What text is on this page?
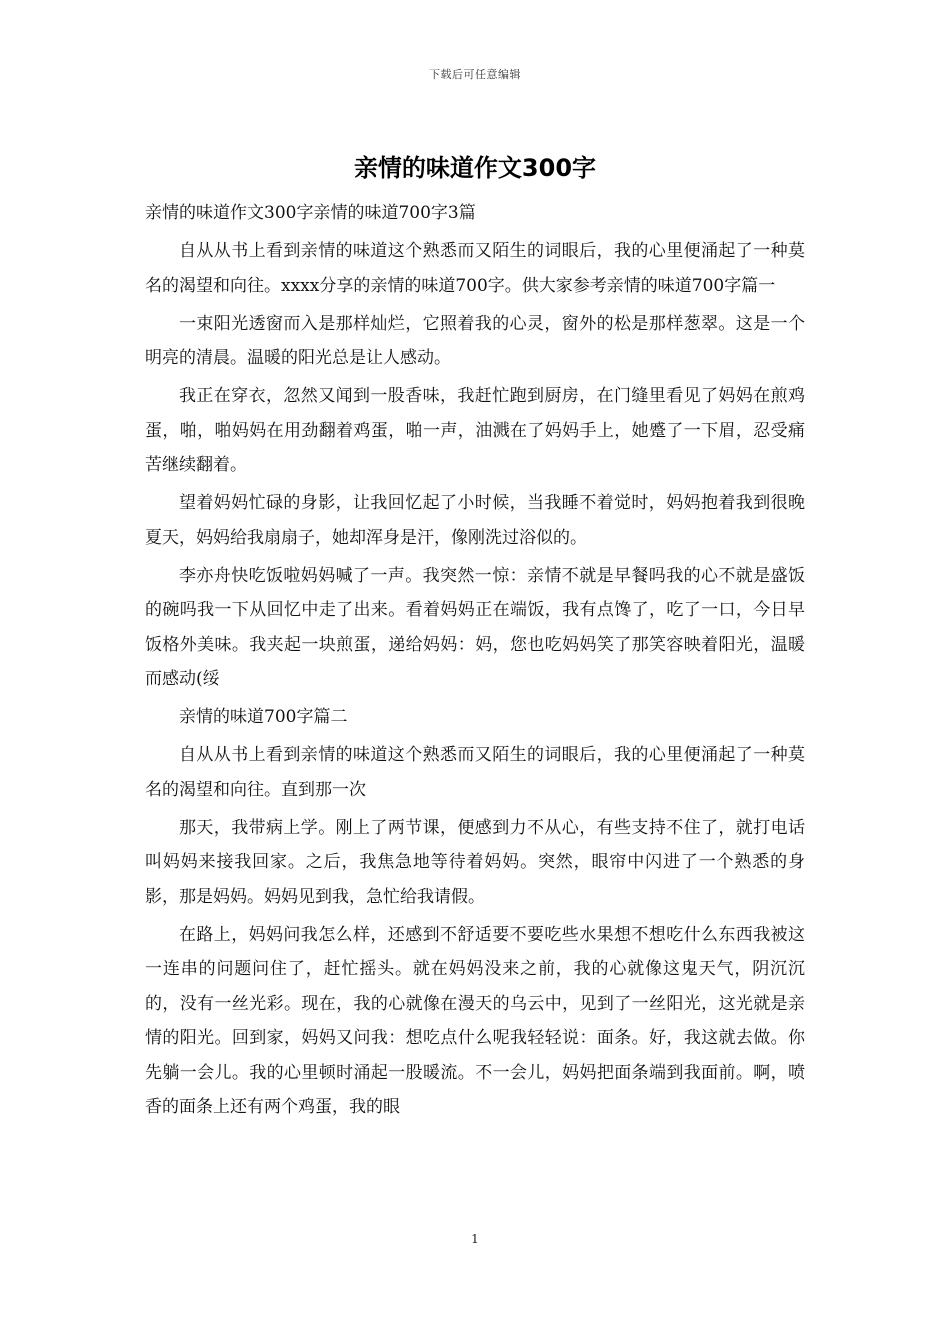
下载后可任意编辑
亲情的味道作文300字

亲情的味道作文300字亲情的味道700字3篇

自从从书上看到亲情的味道这个熟悉而又陌生的词眼后，我的心里便涌起了一种莫名的渴望和向往。xxxx分享的亲情的味道700字。供大家参考亲情的味道700字篇一

一束阳光透窗而入是那样灿烂，它照着我的心灵，窗外的松是那样葱翠。这是一个明亮的清晨。温暖的阳光总是让人感动。

我正在穿衣，忽然又闻到一股香味，我赶忙跑到厨房，在门缝里看见了妈妈在煎鸡蛋，啪，啪妈妈在用劲翻着鸡蛋，啪一声，油溅在了妈妈手上，她蹙了一下眉，忍受痛苦继续翻着。

望着妈妈忙碌的身影，让我回忆起了小时候，当我睡不着觉时，妈妈抱着我到很晚夏天，妈妈给我扇扇子，她却浑身是汗，像刚洗过浴似的。

李亦舟快吃饭啦妈妈喊了一声。我突然一惊：亲情不就是早餐吗我的心不就是盛饭的碗吗我一下从回忆中走了出来。看着妈妈正在端饭，我有点馋了，吃了一口，今日早饭格外美味。我夹起一块煎蛋，递给妈妈：妈，您也吃妈妈笑了那笑容映着阳光，温暖而感动(绥

亲情的味道700字篇二

自从从书上看到亲情的味道这个熟悉而又陌生的词眼后，我的心里便涌起了一种莫名的渴望和向往。直到那一次

那天，我带病上学。刚上了两节课，便感到力不从心，有些支持不住了，就打电话叫妈妈来接我回家。之后，我焦急地等待着妈妈。突然，眼帘中闪进了一个熟悉的身影，那是妈妈。妈妈见到我，急忙给我请假。

在路上，妈妈问我怎么样，还感到不舒适要不要吃些水果想不想吃什么东西我被这一连串的问题问住了，赶忙摇头。就在妈妈没来之前，我的心就像这鬼天气，阴沉沉的，没有一丝光彩。现在，我的心就像在漫天的乌云中，见到了一丝阳光，这光就是亲情的阳光。回到家，妈妈又问我：想吃点什么呢我轻轻说：面条。好，我这就去做。你先躺一会儿。我的心里顿时涌起一股暖流。不一会儿，妈妈把面条端到我面前。啊，喷香的面条上还有两个鸡蛋，我的眼

1
